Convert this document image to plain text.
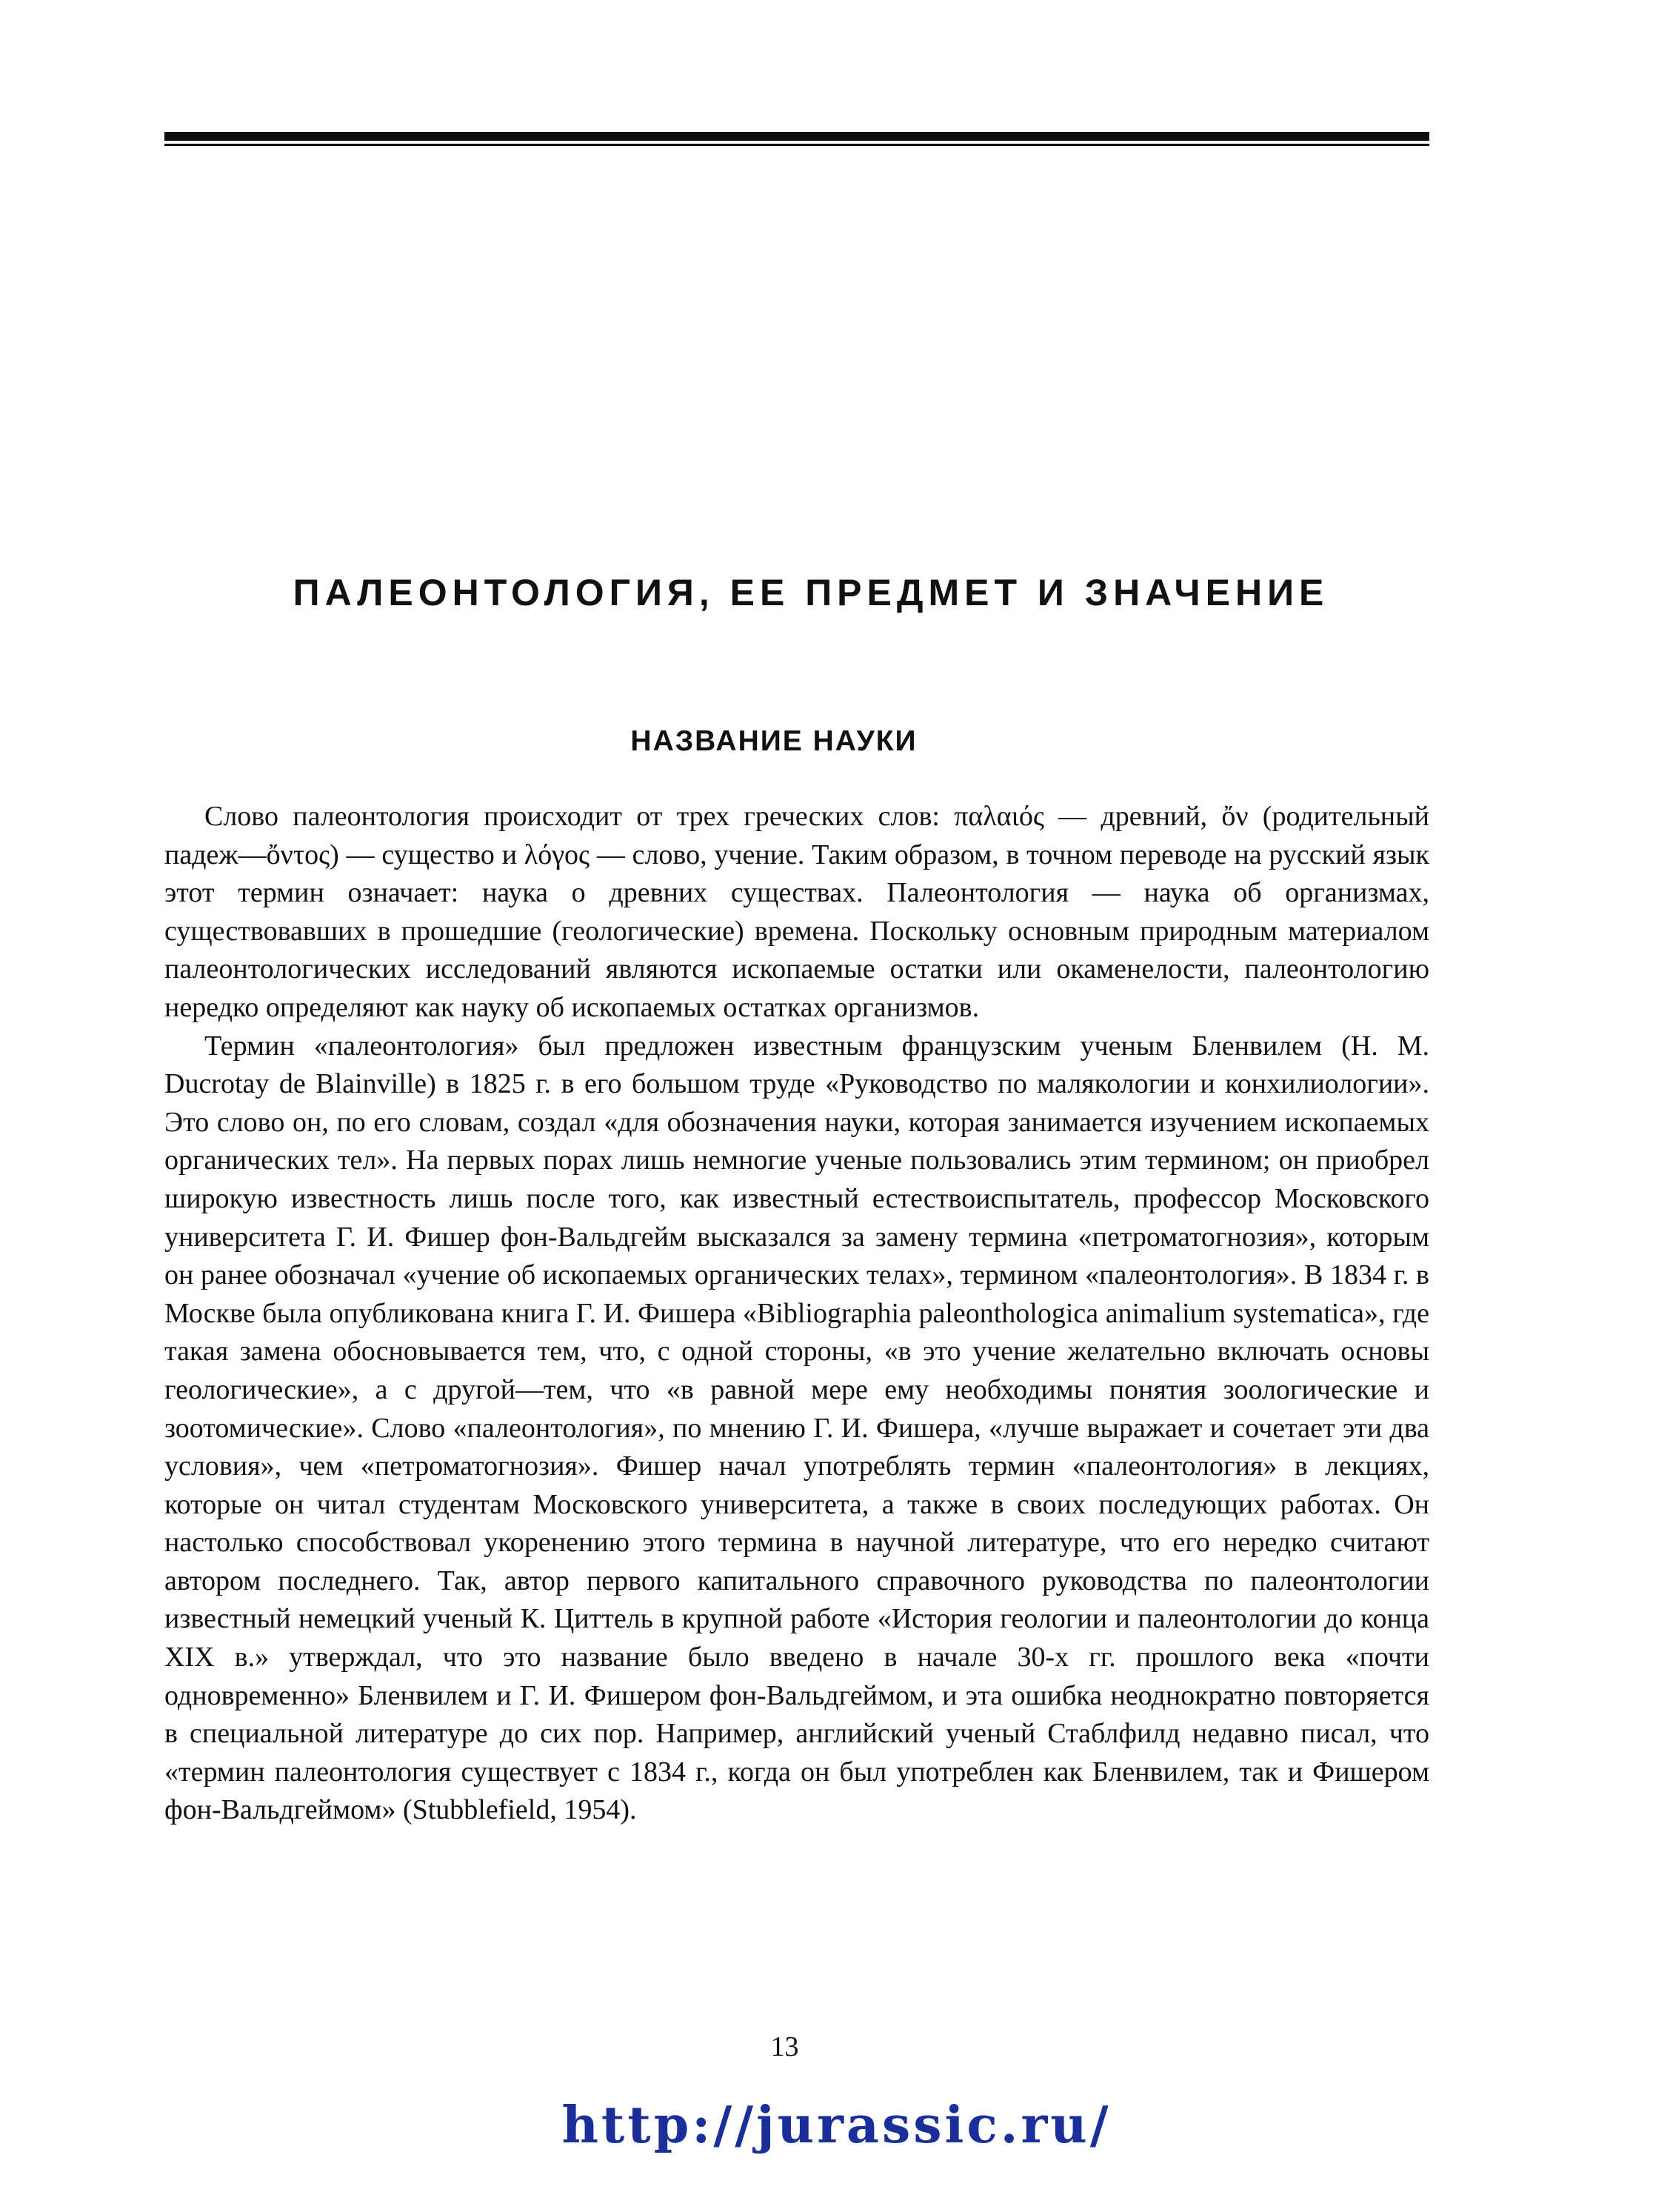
ПАЛЕОНТОЛОГИЯ, ЕЕ ПРЕДМЕТ И ЗНАЧЕНИЕ
НАЗВАНИЕ НАУКИ

Слово палеонтология происходит от трех греческих слов: παλαιός — древний, ὄν (родительный падеж—ὄντος) — существо и λόγος — слово, учение. Таким образом, в точном переводе на русский язык этот термин означает: наука о древних существах. Палеонтология — наука об организмах, существовавших в прошедшие (геологические) времена. Поскольку основным природным материалом палеонтологических исследований являются ископаемые остатки или окаменелости, палеонтологию нередко определяют как науку об ископаемых остатках организмов.

Термин «палеонтология» был предложен известным французским ученым Бленвилем (H. M. Ducrotay de Blainville) в 1825 г. в его большом труде «Руководство по малякологии и конхилиологии». Это слово он, по его словам, создал «для обозначения науки, которая занимается изучением ископаемых органических тел». На первых порах лишь немногие ученые пользовались этим термином; он приобрел широкую известность лишь после того, как известный естествоиспытатель, профессор Московского университета Г. И. Фишер фон-Вальдгейм высказался за замену термина «петроматогнозия», которым он ранее обозначал «учение об ископаемых органических телах», термином «палеонтология». В 1834 г. в Москве была опубликована книга Г. И. Фишера «Bibliographia paleonthologica animalium systematica», где такая замена обосновывается тем, что, с одной стороны, «в это учение желательно включать основы геологические», а с другой—тем, что «в равной мере ему необходимы понятия зоологические и зоотомические». Слово «палеонтология», по мнению Г. И. Фишера, «лучше выражает и сочетает эти два условия», чем «петроматогнозия». Фишер начал употреблять термин «палеонтология» в лекциях, которые он читал студентам Московского университета, а также в своих последующих работах. Он настолько способствовал укоренению этого термина в научной литературе, что его нередко считают автором последнего. Так, автор первого капитального справочного руководства по палеонтологии известный немецкий ученый К. Циттель в крупной работе «История геологии и палеонтологии до конца XIX в.» утверждал, что это название было введено в начале 30-х гг. прошлого века «почти одновременно» Бленвилем и Г. И. Фишером фон-Вальдгеймом, и эта ошибка неоднократно повторяется в специальной литературе до сих пор. Например, английский ученый Стаблфилд недавно писал, что «термин палеонтология существует с 1834 г., когда он был употреблен как Бленвилем, так и Фишером фон-Вальдгеймом» (Stubblefield, 1954).

13
http://jurassic.ru/
